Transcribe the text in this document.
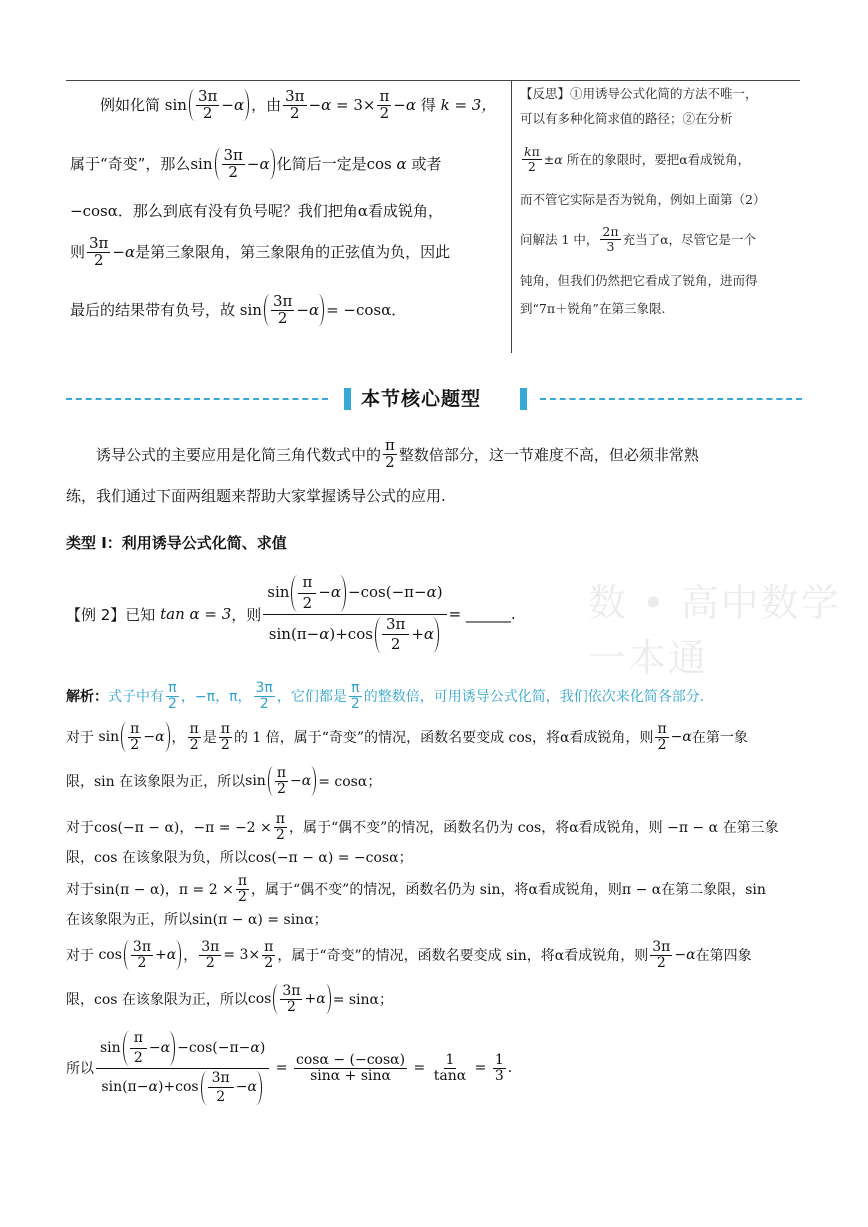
例如化简 $\sin \frac{3\pi}{2} - \alpha$ ，由 $\frac{3\pi}{2} - \alpha = 3\times \frac{\pi}{2} - \alpha$
得
k = 3，
属于“奇变”，那么 $\sin \frac{3\pi}{2} - \alpha$ 化简后一定是cos
α
或者
−cosα．那么到底有没有负号呢？我们把角α看成锐角，
则 $\frac{3\pi}{2} - \alpha$ 是第三象限角，第三象限角的正弦值为负，因此
最后的结果带有负号，故 $\sin \frac{3\pi}{2} - \alpha = -\cos\alpha$．
【反思】①用诱导公式化简的方法不唯一，
可以有多种化简求值的路径；②在分析
$\frac{k\pi}{2} \pm \alpha$
所在的象限时，要把α看成锐角，
而不管它实际是否为锐角，例如上面第（2）
问解法 1 中， $\frac{2\pi}{3}$ 充当了α，尽管它是一个
钝角，但我们仍然把它看成了锐角，进而得
到“7π＋锐角”在第三象限.
本节核心题型
诱导公式的主要应用是化简三角代数式中的 $\frac{\pi}{2}$ 整数倍部分，这一节难度不高，但必须非常熟
练，我们通过下面两组题来帮助大家掌握诱导公式的应用.
类型 I：利用诱导公式化简、求值
数 • 高中数学一本通
【例 2】已知
tan α = 3 ，则 $\frac{\sin \frac{\pi}{2} - \alpha -\cos(-\pi- \alpha )}{\sin(\pi- \alpha )+\cos \frac{3\pi}{2} + \alpha}$ = ______.
解析： 式子中有 $\frac{\pi}{2}$ ，−π，π， $\frac{3\pi}{2}$ ，它们都是 $\frac{\pi}{2}$ 的整数倍，可用诱导公式化简，我们依次来化简各部分.
对于 $\sin \frac{\pi}{2} - \alpha$ ， $\frac{\pi}{2}$ 是 $\frac{\pi}{2}$ 的 1 倍，属于“奇变”的情况，函数名要变成 cos，将α看成锐角，则 $\frac{\pi}{2} - \alpha$ 在第一象
限，sin 在该象限为正，所以 $\sin \frac{\pi}{2} - \alpha = \cos\alpha$；
对于cos(−π − α)，$-\pi = -2 \times \frac{\pi}{2}$ ，属于“偶不变”的情况，函数名仍为 cos，将α看成锐角，则 −π − α 在第三象
限，cos 在该象限为负，所以cos(−π − α) = −cosα；
对于sin(π − α)，$\pi = 2 \times \frac{\pi}{2}$ ，属于“偶不变”的情况，函数名仍为 sin，将α看成锐角，则π − α在第二象限，sin
在该象限为正，所以sin(π − α) = sinα；
对于 $\cos \frac{3\pi}{2} + \alpha$ ， $\frac{3\pi}{2} = 3\times \frac{\pi}{2}$ ，属于“奇变”的情况，函数名要变成 sin，将α看成锐角，则 $\frac{3\pi}{2} - \alpha$ 在第四象
限，cos 在该象限为正，所以 $\cos \frac{3\pi}{2} + \alpha = \sin\alpha$；
所以 $\frac{\sin \frac{\pi}{2} - \alpha -\cos(-\pi- \alpha )}{\sin(\pi- \alpha )+\cos \frac{3\pi}{2} - \alpha} = \frac{\cos\alpha - (-\cos\alpha)}{\sin\alpha + \sin\alpha} = \frac{1}{\tan\alpha} = \frac{1}{3}$ .
